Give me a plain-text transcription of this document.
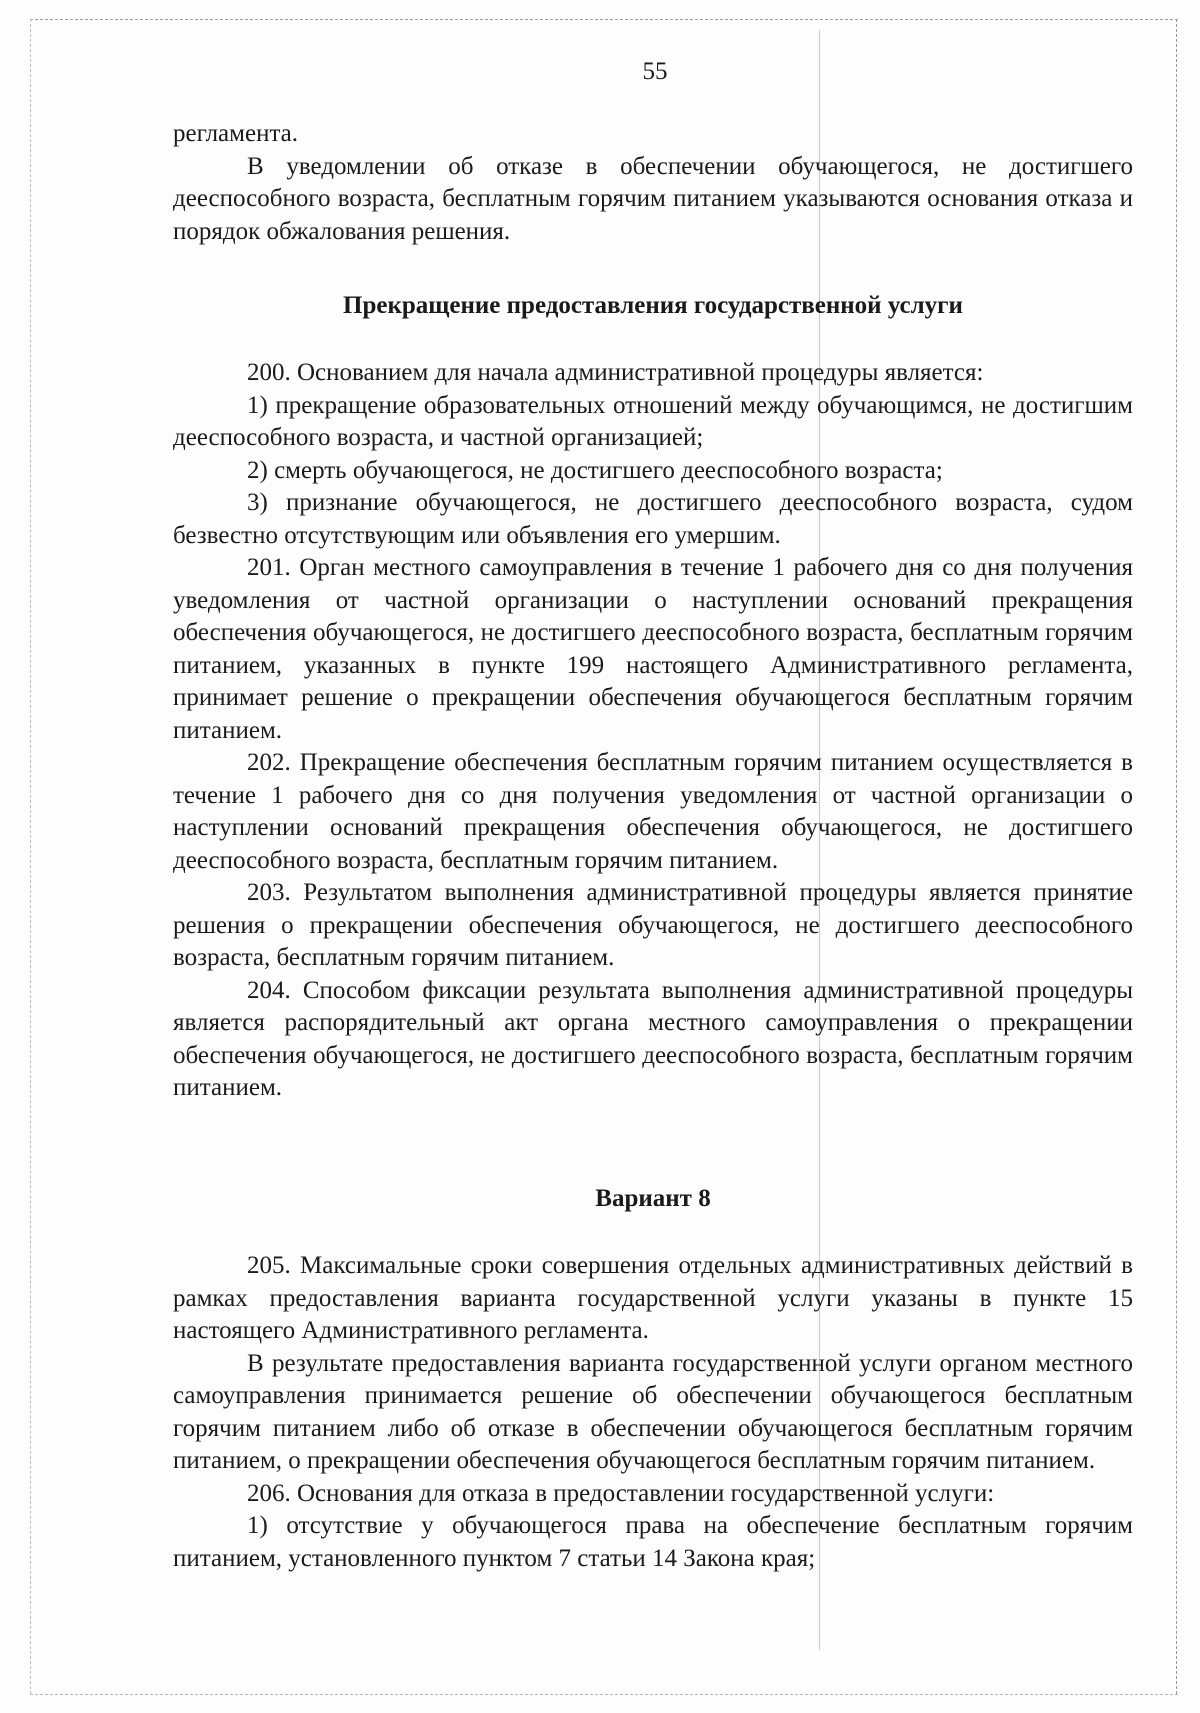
55

регламента.

В уведомлении об отказе в обеспечении обучающегося, не достигшего дееспособного возраста, бесплатным горячим питанием указываются основания отказа и порядок обжалования решения.

Прекращение предоставления государственной услуги

200. Основанием для начала административной процедуры является:

1) прекращение образовательных отношений между обучающимся, не достигшим дееспособного возраста, и частной организацией;

2) смерть обучающегося, не достигшего дееспособного возраста;

3) признание обучающегося, не достигшего дееспособного возраста, судом безвестно отсутствующим или объявления его умершим.

201. Орган местного самоуправления в течение 1 рабочего дня со дня получения уведомления от частной организации о наступлении оснований прекращения обеспечения обучающегося, не достигшего дееспособного возраста, бесплатным горячим питанием, указанных в пункте 199 настоящего Административного регламента, принимает решение о прекращении обеспечения обучающегося бесплатным горячим питанием.

202. Прекращение обеспечения бесплатным горячим питанием осуществляется в течение 1 рабочего дня со дня получения уведомления от частной организации о наступлении оснований прекращения обеспечения обучающегося, не достигшего дееспособного возраста, бесплатным горячим питанием.

203. Результатом выполнения административной процедуры является принятие решения о прекращении обеспечения обучающегося, не достигшего дееспособного возраста, бесплатным горячим питанием.

204. Способом фиксации результата выполнения административной процедуры является распорядительный акт органа местного самоуправления о прекращении обеспечения обучающегося, не достигшего дееспособного возраста, бесплатным горячим питанием.

Вариант 8

205. Максимальные сроки совершения отдельных административных действий в рамках предоставления варианта государственной услуги указаны в пункте 15 настоящего Административного регламента.

В результате предоставления варианта государственной услуги органом местного самоуправления принимается решение об обеспечении обучающегося бесплатным горячим питанием либо об отказе в обеспечении обучающегося бесплатным горячим питанием, о прекращении обеспечения обучающегося бесплатным горячим питанием.

206. Основания для отказа в предоставлении государственной услуги:

1) отсутствие у обучающегося права на обеспечение бесплатным горячим питанием, установленного пунктом 7 статьи 14 Закона края;
